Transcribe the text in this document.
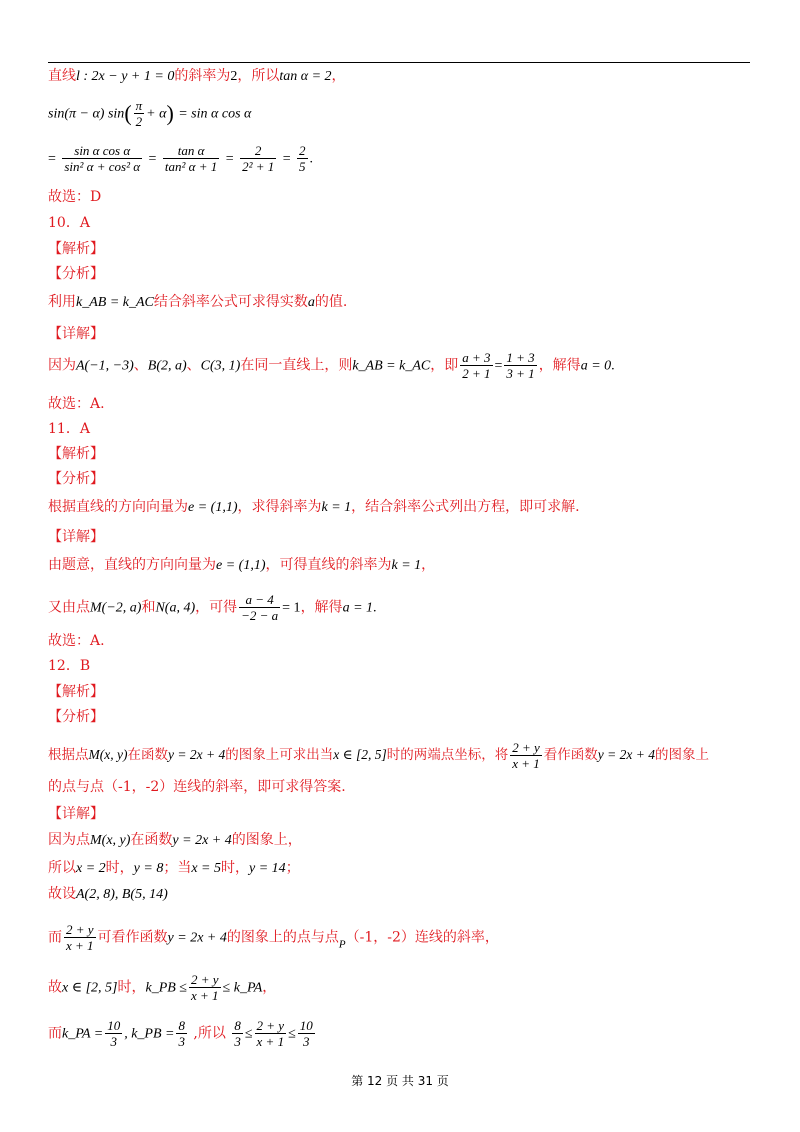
直线l : 2x − y + 1 = 0的斜率为2，所以tan α = 2，
sin(π − α) $\sin( \frac{\pi}{2} + \alpha) = \sin \alpha$ cos α
= $\frac{\text{sin α cos α}}{\text{sin² α + cos² α}} = \frac{\text{tan α}}{\text{tan² α + 1}} = \frac{2}{\text{2² + 1}} = \frac{2}{5}$ .
故选：D
10．A
【解析】
【分析】
利用k_AB = k_AC结合斜率公式可求得实数a的值.
【详解】
因为A(−1, −3)、B(2, a)、C(3, 1)在同一直线上，则k_AB = k_AC，即 $\frac{a + 3}{2 + 1} = \frac{1 + 3}{3 + 1}$ ，解得a = 0.
故选：A.
11．A
【解析】
【分析】
根据直线的方向向量为e = (1,1)，求得斜率为k = 1，结合斜率公式列出方程，即可求解.
【详解】
由题意，直线的方向向量为e = (1,1)，可得直线的斜率为k = 1，
又由点M(−2, a)和N(a, 4)，可得 $\frac{a - 4}{-2 - a} = 1$，解得a = 1.
故选：A.
12．B
【解析】
【分析】
根据点M(x, y)在函数y = 2x + 4的图象上可求出当x ∈ [2, 5]时的两端点坐标，将 $\frac{2 + y}{x + 1}$ 看作函数y = 2x + 4的图象上
的点与点（-1，-2）连线的斜率，即可求得答案.
【详解】
因为点M(x, y)在函数y = 2x + 4的图象上，
所以x = 2时，y = 8；当x = 5时，y = 14；
故设A(2, 8), B(5, 14)
而 $\frac{2 + y}{x + 1}$ 可看作函数y = 2x + 4的图象上的点与点$_P$（-1，-2）连线的斜率，
故x ∈ [2, 5]时，k_PB ≤ $\frac{2 + y}{x + 1}$ ≤ k_PA，
而k_PA = $\frac{10}{3}$ , k_PB = $\frac{8}{3}$ ,所以 $\frac{8}{3} \le \frac{2 + y}{x + 1} \le \frac{10}{3}$
第 12 页 共 31 页
